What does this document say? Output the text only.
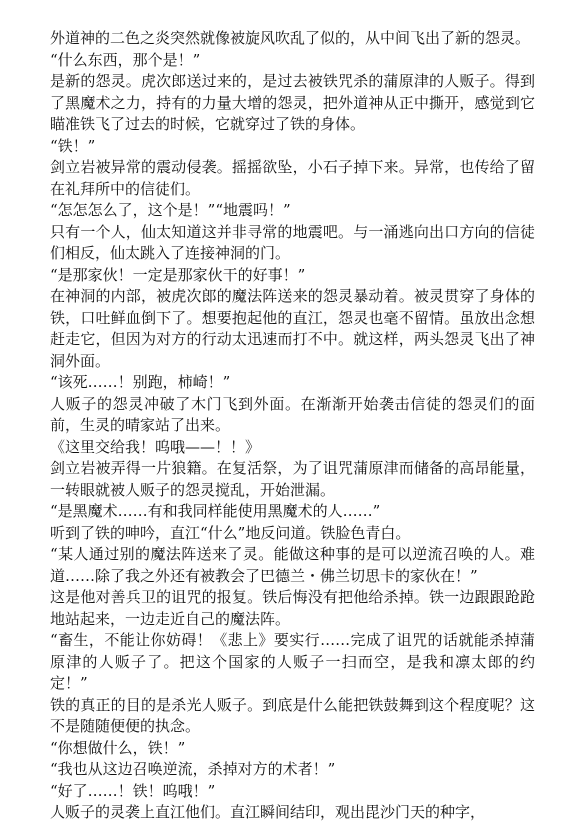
外道神的二色之炎突然就像被旋风吹乱了似的，从中间飞出了新的怨灵。

“什么东西，那个是！”

是新的怨灵。虎次郎送过来的，是过去被铁咒杀的蒲原津的人贩子。得到了黑魔术之力，持有的力量大增的怨灵，把外道神从正中撕开，感觉到它瞄准铁飞了过去的时候，它就穿过了铁的身体。

“铁！”

剑立岩被异常的震动侵袭。摇摇欲坠，小石子掉下来。异常，也传给了留在礼拜所中的信徒们。

“怎怎怎么了，这个是！”“地震吗！”

只有一个人，仙太知道这并非寻常的地震吧。与一涌逃向出口方向的信徒们相反，仙太跳入了连接神洞的门。

“是那家伙！一定是那家伙干的好事！”

在神洞的内部，被虎次郎的魔法阵送来的怨灵暴动着。被灵贯穿了身体的铁，口吐鲜血倒下了。想要抱起他的直江，怨灵也毫不留情。虽放出念想赶走它，但因为对方的行动太迅速而打不中。就这样，两头怨灵飞出了神洞外面。

“该死……！别跑，柿崎！”

人贩子的怨灵冲破了木门飞到外面。在渐渐开始袭击信徒的怨灵们的面前，生灵的晴家站了出来。

《这里交给我！呜哦——！！》

剑立岩被弄得一片狼籍。在复活祭，为了诅咒蒲原津而储备的高昂能量，一转眼就被人贩子的怨灵搅乱，开始泄漏。

“是黑魔术……有和我同样能使用黑魔术的人……”

听到了铁的呻吟，直江“什么”地反问道。铁脸色青白。

“某人通过别的魔法阵送来了灵。能做这种事的是可以逆流召唤的人。难道……除了我之外还有被教会了巴德兰・佛兰切思卡的家伙在！”

这是他对善兵卫的诅咒的报复。铁后悔没有把他给杀掉。铁一边跟跟跄跄地站起来，一边走近自己的魔法阵。

“畜生，不能让你妨碍！《悲上》要实行……完成了诅咒的话就能杀掉蒲原津的人贩子了。把这个国家的人贩子一扫而空，是我和凛太郎的约定！”

铁的真正的目的是杀光人贩子。到底是什么能把铁鼓舞到这个程度呢？这不是随随便便的执念。

“你想做什么，铁！”

“我也从这边召唤逆流，杀掉对方的术者！”

“好了……！铁！呜哦！”

人贩子的灵袭上直江他们。直江瞬间结印，观出毘沙门天的种字，
